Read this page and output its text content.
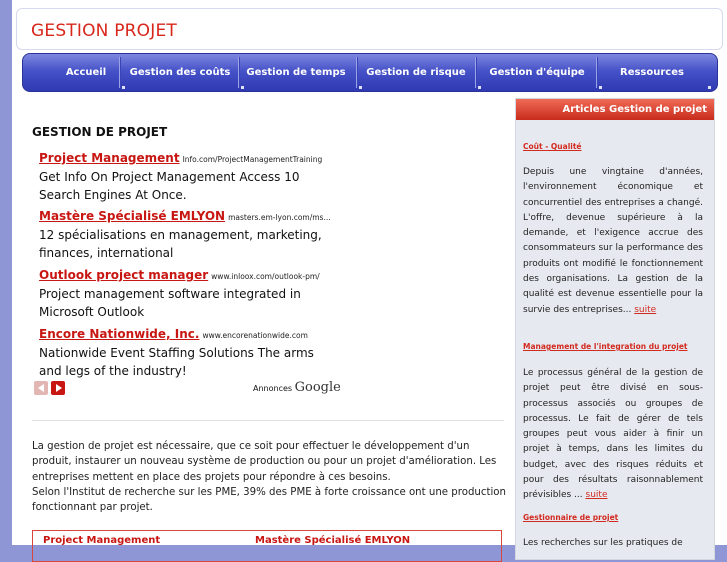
GESTION PROJET
Accueil	Gestion des coûts	Gestion de temps	Gestion de risque	Gestion d'équipe	Ressources
GESTION DE PROJET
Project Management Info.com/ProjectManagementTraining
Get Info On Project Management Access 10 Search Engines At Once.
Mastère Spécialisé EMLYON masters.em-lyon.com/ms...
12 spécialisations en management, marketing, finances, international
Outlook project manager www.inloox.com/outlook-pm/
Project management software integrated in Microsoft Outlook
Encore Nationwide, Inc. www.encorenationwide.com
Nationwide Event Staffing Solutions The arms and legs of the industry!
Annonces Google
La gestion de projet est nécessaire, que ce soit pour effectuer le développement d'un produit, instaurer un nouveau système de production ou pour un projet d'amélioration. Les entreprises mettent en place des projets pour répondre à ces besoins.
Selon l'Institut de recherche sur les PME, 39% des PME à forte croissance ont une production fonctionnant par projet.
Project Management	Mastère Spécialisé EMLYON
Articles Gestion de projet
Coût - Qualité
Depuis une vingtaine d'années, l'environnement économique et concurrentiel des entreprises a changé. L'offre, devenue supérieure à la demande, et l'exigence accrue des consommateurs sur la performance des produits ont modifié le fonctionnement des organisations. La gestion de la qualité est devenue essentielle pour la survie des entreprises... suite
Management de l'integration du projet
Le processus général de la gestion de projet peut être divisé en sous-processus associés ou groupes de processus. Le fait de gérer de tels groupes peut vous aider à finir un projet à temps, dans les limites du budget, avec des risques réduits et pour des résultats raisonnablement prévisibles ... suite
Gestionnaire de projet
Les recherches sur les pratiques de
